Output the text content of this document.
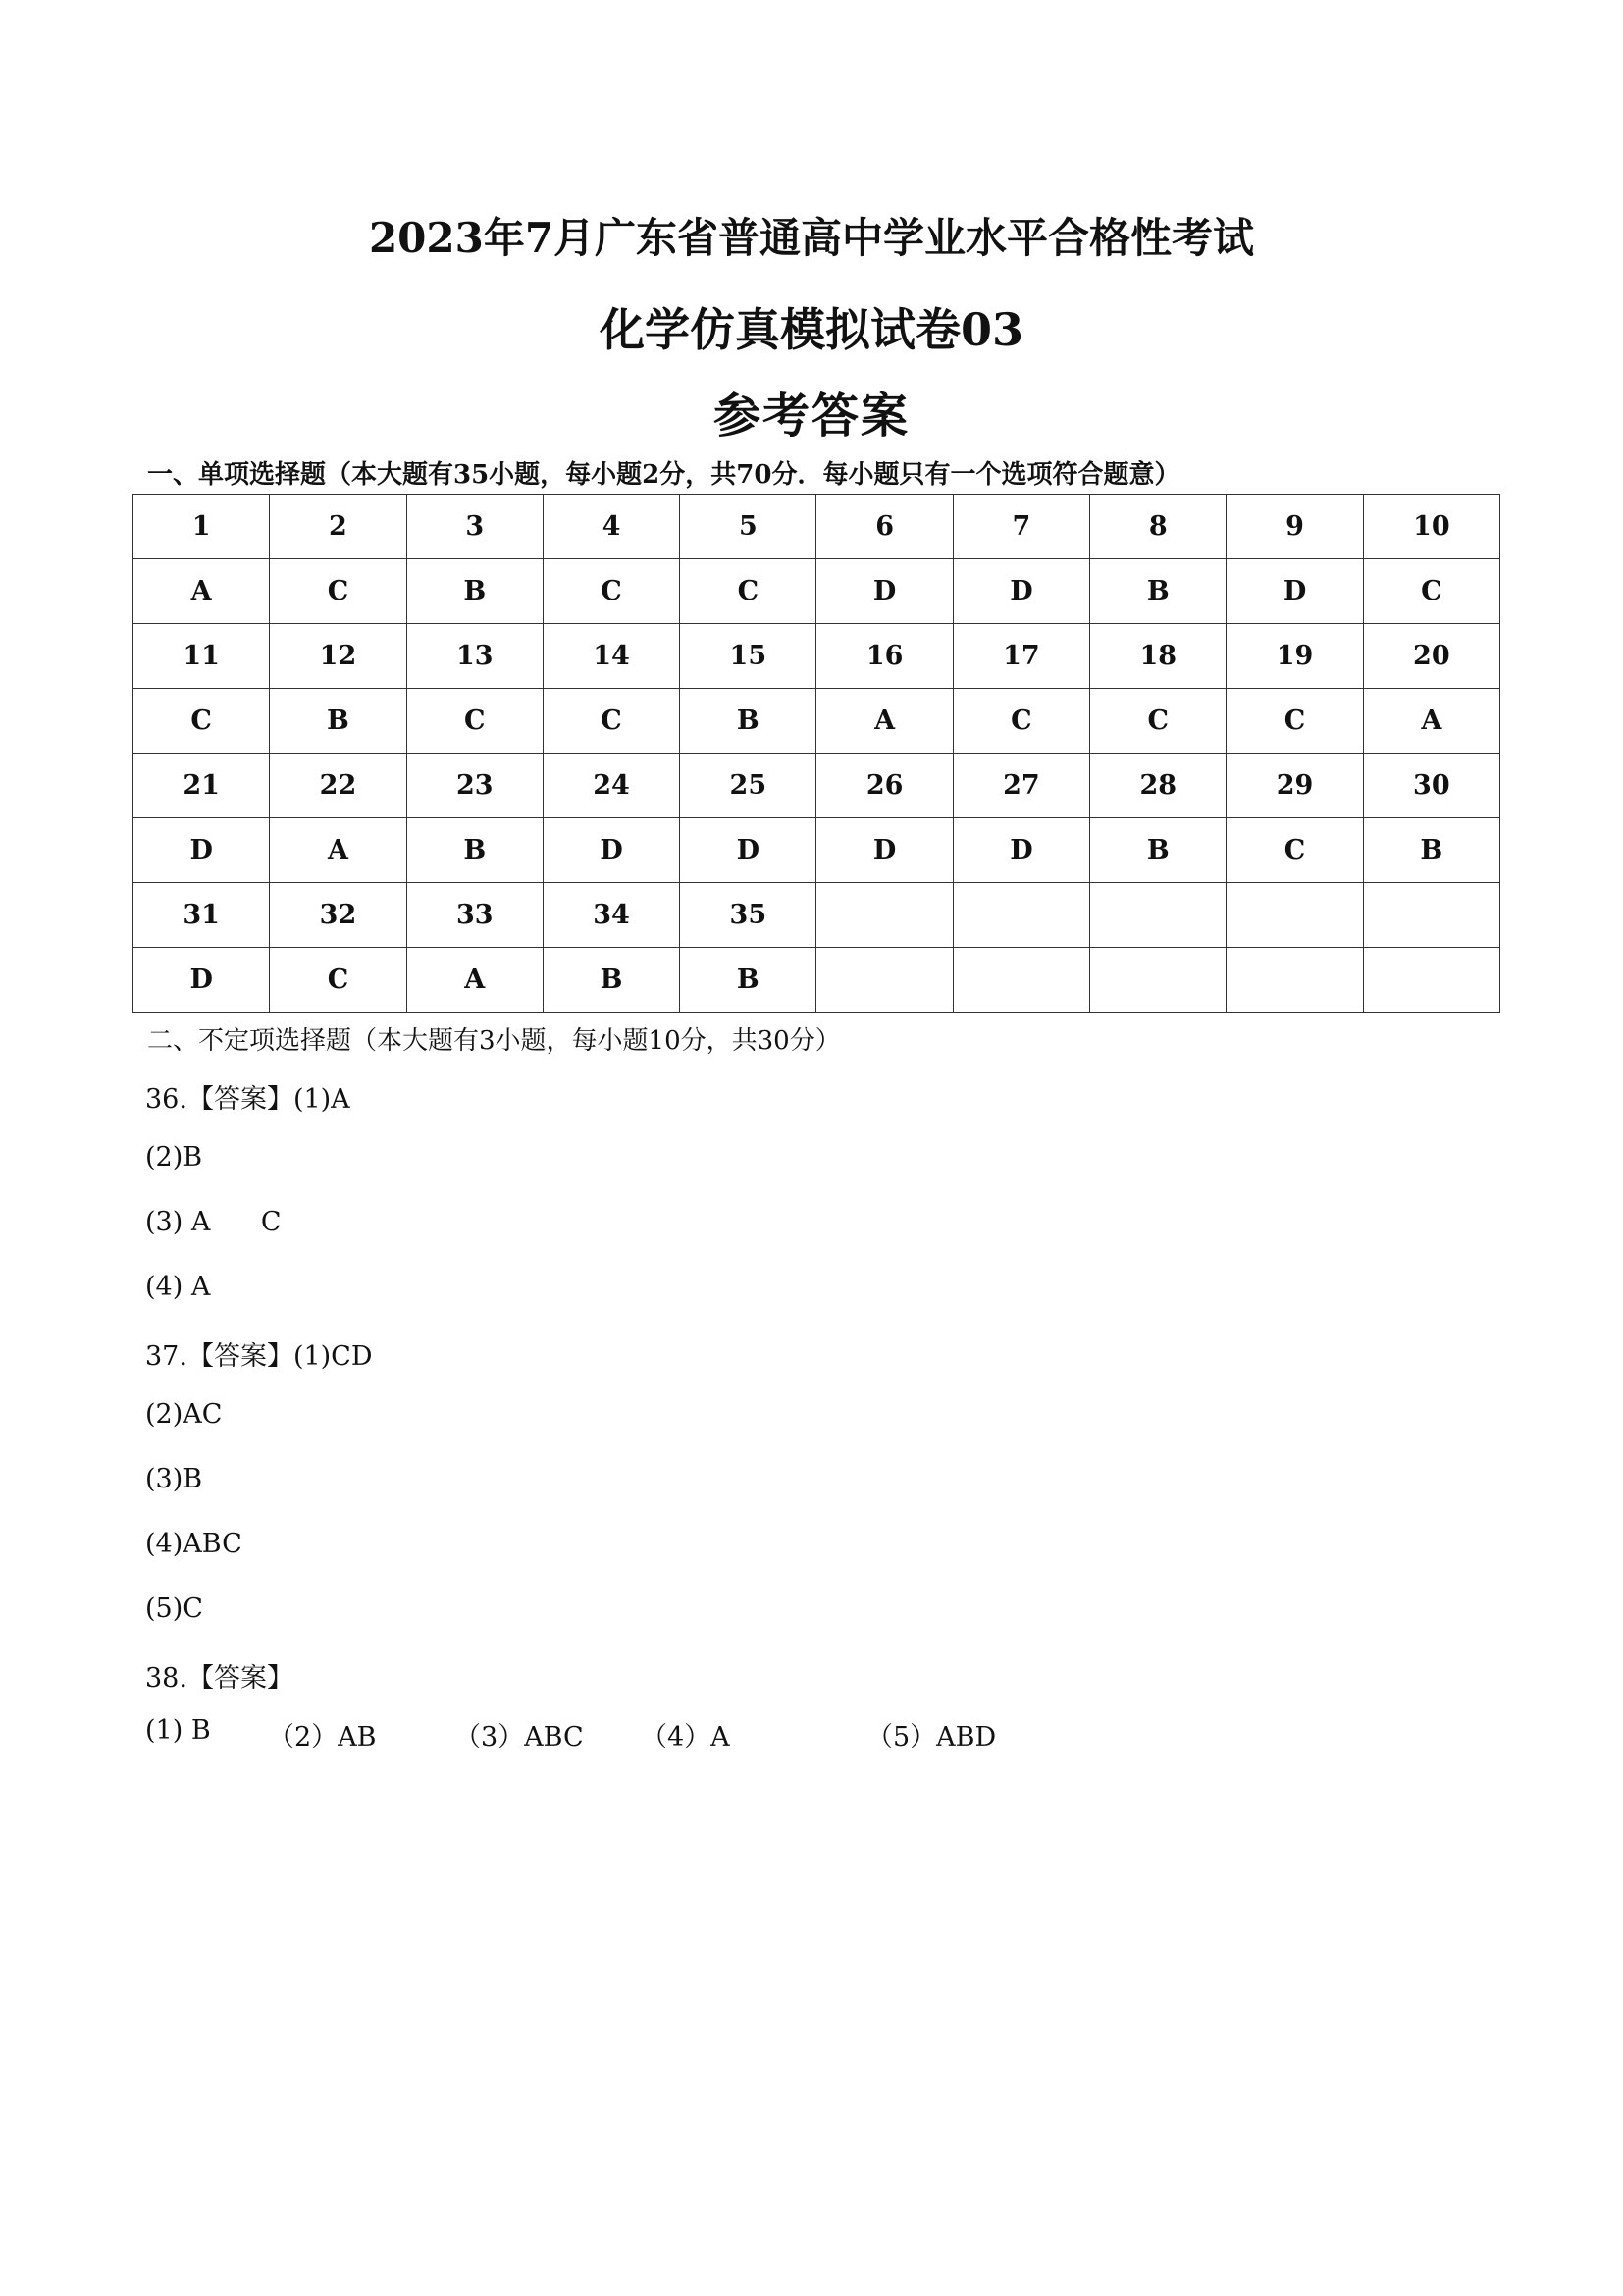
2023年7月广东省普通高中学业水平合格性考试
化学仿真模拟试卷03
参考答案
一、单项选择题（本大题有35小题，每小题2分，共70分．每小题只有一个选项符合题意）
1	2	3	4	5	6	7	8	9	10
A	C	B	C	C	D	D	B	D	C
11	12	13	14	15	16	17	18	19	20
C	B	C	C	B	A	C	C	C	A
21	22	23	24	25	26	27	28	29	30
D	A	B	D	D	D	D	B	C	B
31	32	33	34	35					
D	C	A	B	B					
二、不定项选择题（本大题有3小题，每小题10分，共30分）
36.【答案】(1)A
(2)B
(3) A      C
(4) A
37.【答案】(1)CD
(2)AC
(3)B
(4)ABC
(5)C
38.【答案】
(1) B （2）AB	（3）ABC （4）A	（5）ABD
